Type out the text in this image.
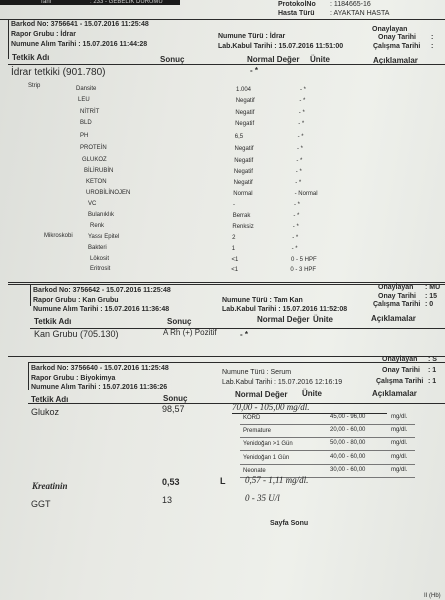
Tani	: 233 - GEBELIK DURUMU	ProtokolNo : 1184665-16
Hasta Türü : AYAKTAN HASTA
Barkod No: 3756641 - 15.07.2016 11:25:48
Onaylayan
Rapor Grubu : İdrar	Numune Türü : İdrar	Onay Tarihi :
Numune Alım Tarihi : 15.07.2016 11:44:28	Lab.Kabul Tarihi : 15.07.2016 11:51:00	Çalışma Tarihi :
Tetkik Adı	Sonuç	Normal Değer Ünite	Açıklamalar
İdrar tetkiki (901.780)	- *
Strip
Mikroskobi
Dansite	1.004	- *
LEU	Negatif	- *
NİTRİT	Negatif	- *
BLD	Negatif	- *
PH	6,5	- *
PROTEİN	Negatif	- *
GLUKOZ	Negatif	- *
BİLİRUBİN	Negatif	- *
KETON	Negatif	- *
UROBİLİNOJEN	Normal	- Normal
VC	-	- *
Bulanıklık	Berrak	- *
Renk	Renksiz	- *
Yassı Epitel	2	- *
Bakteri	1	- *
Lökosit	<1	0 - 5 HPF
Eritrosit	<1	0 - 3 HPF
Barkod No: 3756642 - 15.07.2016 11:25:48	Onaylayan : MU
Onay Tarihi : 15
Rapor Grubu : Kan Grubu	Numune Türü : Tam Kan
Çalışma Tarihi : 0
Numune Alım Tarihi : 15.07.2016 11:36:48	Lab.Kabul Tarihi : 15.07.2016 11:52:08
Tetkik Adı	Sonuç	Normal Değer Ünite	Açıklamalar
Kan Grubu (705.130)	A Rh (+) Pozitif	- *
Barkod No: 3756640 - 15.07.2016 11:25:48
Onaylayan : S
Onay Tarihi : 1
Numune Türü : Serum
Rapor Grubu : Biyokimya	Çalışma Tarihi : 1
Lab.Kabul Tarihi : 15.07.2016 12:16:19
Numune Alım Tarihi : 15.07.2016 11:36:26
Tetkik Adı	Sonuç	Normal Değer Ünite	Açıklamalar
Glukoz	98,57	70,00 - 105,00 mg/dl.
KORD	45,00 - 96,00	mg/dl.
Premature	20,00 - 60,00	mg/dl.
Yenidoğan >1 Gün	50,00 - 80,00	mg/dl.
Yenidoğan 1 Gün	40,00 - 60,00	mg/dl.
Neonate	30,00 - 60,00	mg/dl.
Kreatinin	0,53	L 0,57 - 1,11 mg/dl.
GGT	13	0 - 35 U/l
Sayfa Sonu
II (Hb)
